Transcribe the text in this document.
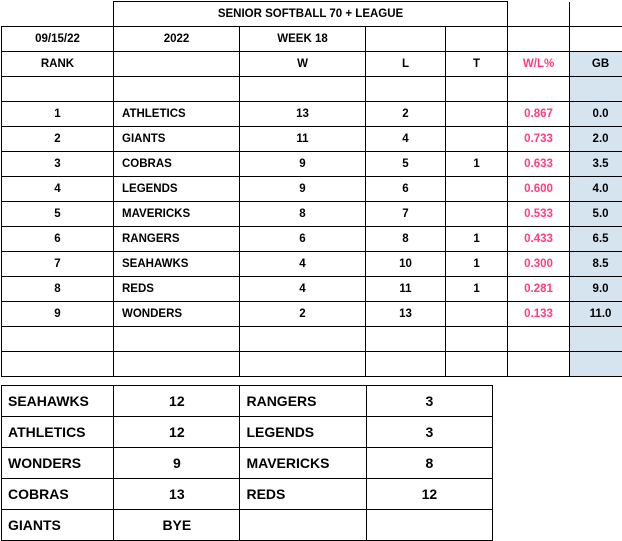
	SENIOR SOFTBALL 70 + LEAGUE					
09/15/22	2022	WEEK 18				
RANK		W	L	T	W/L%	GB

1	ATHLETICS	13	2		0.867	0.0
2	GIANTS	11	4		0.733	2.0
3	COBRAS	9	5	1	0.633	3.5
4	LEGENDS	9	6		0.600	4.0
5	MAVERICKS	8	7		0.533	5.0
6	RANGERS	6	8	1	0.433	6.5
7	SEAHAWKS	4	10	1	0.300	8.5
8	REDS	4	11	1	0.281	9.0
9	WONDERS	2	13		0.133	11.0

SEAHAWKS	12	RANGERS	3
ATHLETICS	12	LEGENDS	3
WONDERS	9	MAVERICKS	8
COBRAS	13	REDS	12
GIANTS	BYE		
